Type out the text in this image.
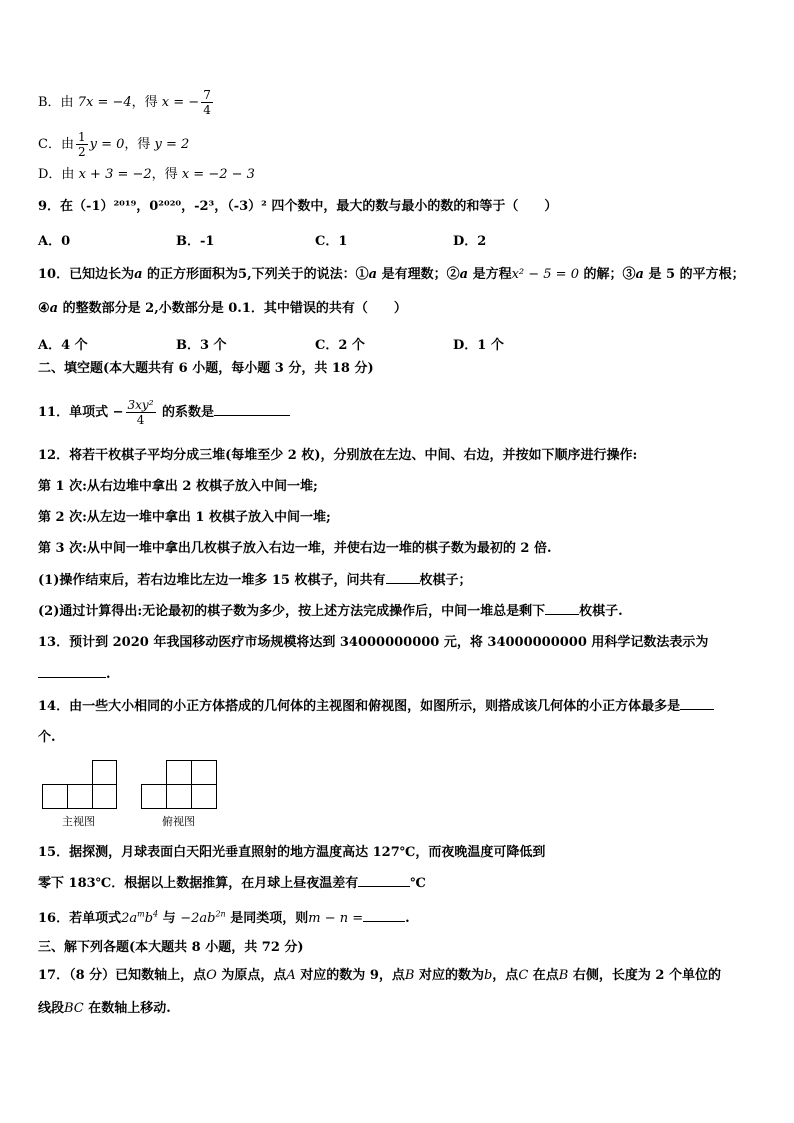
B．由 7x = −4，得 x = − $\frac{7}{4}$
C．由 $\frac{1}{2}$ y = 0，得 y = 2
D．由 x + 3 = −2，得 x = −2 − 3
9．在（-1）²⁰¹⁹，0²⁰²⁰，-2³，（-3）² 四个数中，最大的数与最小的数的和等于（　　）
A．0	B．-1	C．1	D．2
10．已知边长为a 的正方形面积为5,下列关于的说法：①a 是有理数；②a 是方程x² − 5 = 0 的解；③a 是 5 的平方根；
④a 的整数部分是 2,小数部分是 0.1．其中错误的共有（　　）
A．4 个	B．3 个	C．2 个	D．1 个
二、填空题(本大题共有 6 小题，每小题 3 分，共 18 分)
11．单项式 − $\frac{\text{3xy²}}{4}$ 的系数是
12．将若干枚棋子平均分成三堆(每堆至少 2 枚)，分别放在左边、中间、右边，并按如下顺序进行操作:
第 1 次:从右边堆中拿出 2 枚棋子放入中间一堆;
第 2 次:从左边一堆中拿出 1 枚棋子放入中间一堆;
第 3 次:从中间一堆中拿出几枚棋子放入右边一堆，并使右边一堆的棋子数为最初的 2 倍.
(1)操作结束后，若右边堆比左边一堆多 15 枚棋子，问共有	枚棋子；
(2)通过计算得出:无论最初的棋子数为多少，按上述方法完成操作后，中间一堆总是剩下	枚棋子.
13．预计到 2020 年我国移动医疗市场规模将达到 34000000000 元，将 34000000000 用科学记数法表示为
.
14．由一些大小相同的小正方体搭成的几何体的主视图和俯视图，如图所示，则搭成该几何体的小正方体最多是
个.
主视图	俯视图
15．据探测，月球表面白天阳光垂直照射的地方温度高达 127℃，而夜晚温度可降低到
零下 183℃．根据以上数据推算，在月球上昼夜温差有	℃
16．若单项式$2a^mb^4$ 与 $-2ab^{2n}$ 是同类项，则m − n =	.
三、解下列各题(本大题共 8 小题，共 72 分)
17．（8 分）已知数轴上，点O 为原点，点A 对应的数为 9，点B 对应的数为b，点C 在点B 右侧，长度为 2 个单位的
线段BC 在数轴上移动.
